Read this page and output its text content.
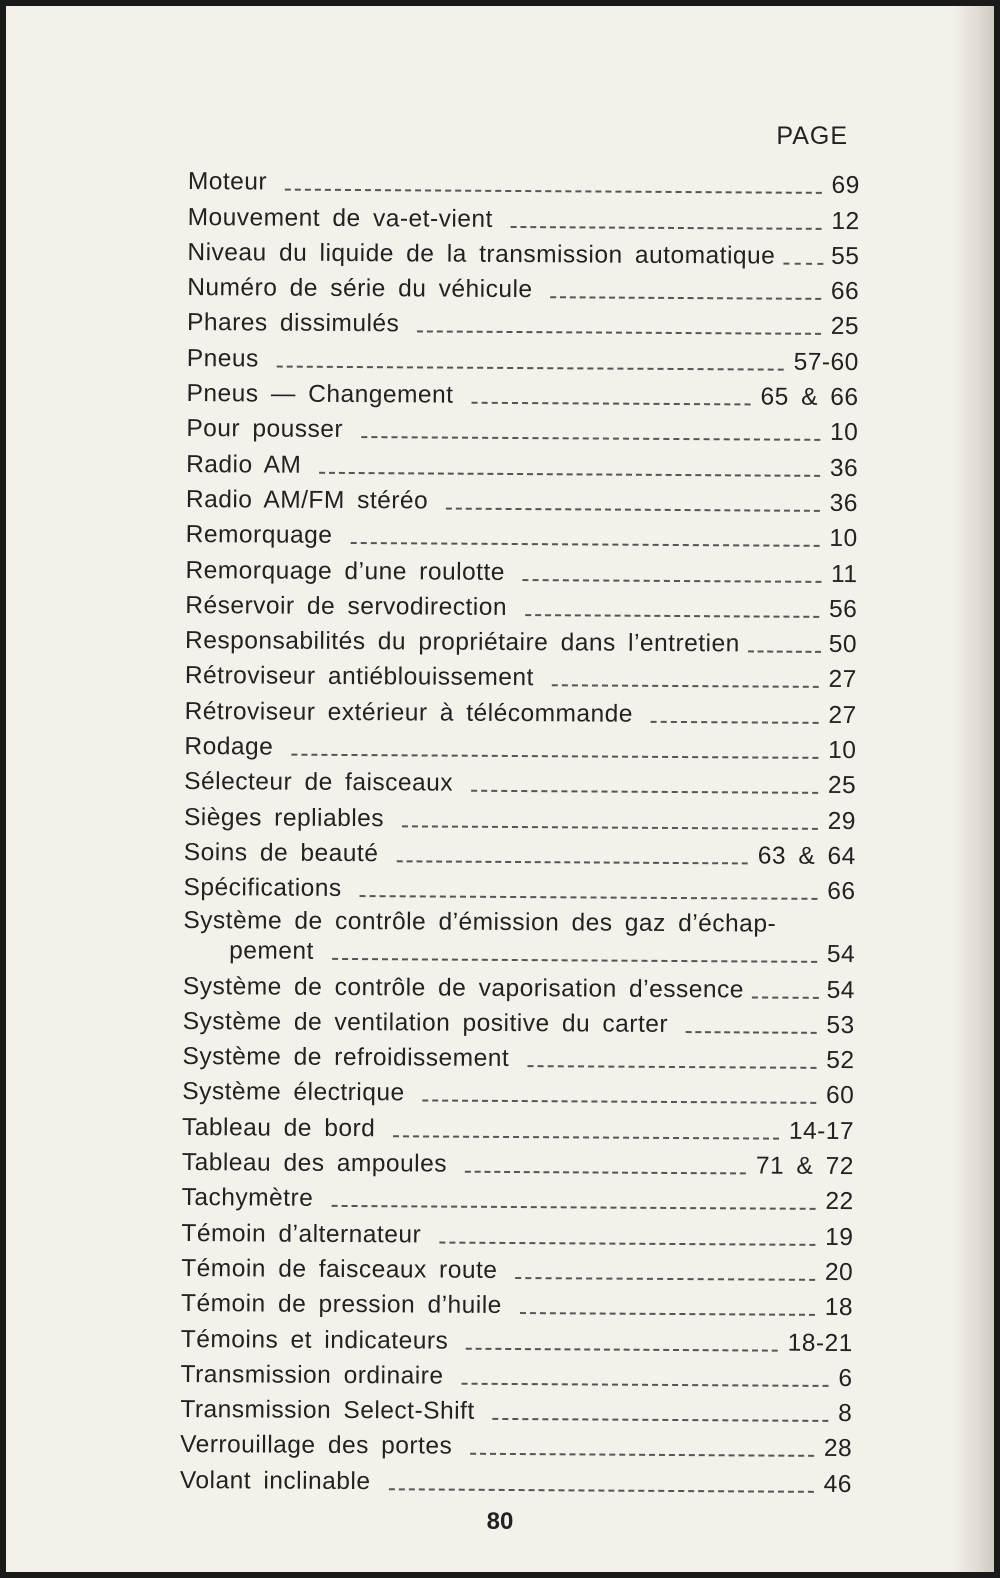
PAGE
Moteur	69
Mouvement de va-et-vient	12
Niveau du liquide de la transmission automatique 55
Numéro de série du véhicule	66
Phares dissimulés	25
Pneus	57-60
Pneus — Changement	65 & 66
Pour pousser	10
Radio AM	36
Radio AM/FM stéréo	36
Remorquage	10
Remorquage d’une roulotte	11
Réservoir de servodirection	56
Responsabilités du propriétaire dans l’entretien	50
Rétroviseur antiéblouissement	27
Rétroviseur extérieur à télécommande	27
Rodage	10
Sélecteur de faisceaux	25
Sièges repliables	29
Soins de beauté	63 & 64
Spécifications	66
Système de contrôle d’émission des gaz d’échap-
pement	54
Système de contrôle de vaporisation d’essence	54
Système de ventilation positive du carter	53
Système de refroidissement	52
Système électrique	60
Tableau de bord	14-17
Tableau des ampoules	71 & 72
Tachymètre	22
Témoin d’alternateur	19
Témoin de faisceaux route	20
Témoin de pression d’huile	18
Témoins et indicateurs	18-21
Transmission ordinaire	6
Transmission Select-Shift	8
Verrouillage des portes	28
Volant inclinable	46
80
